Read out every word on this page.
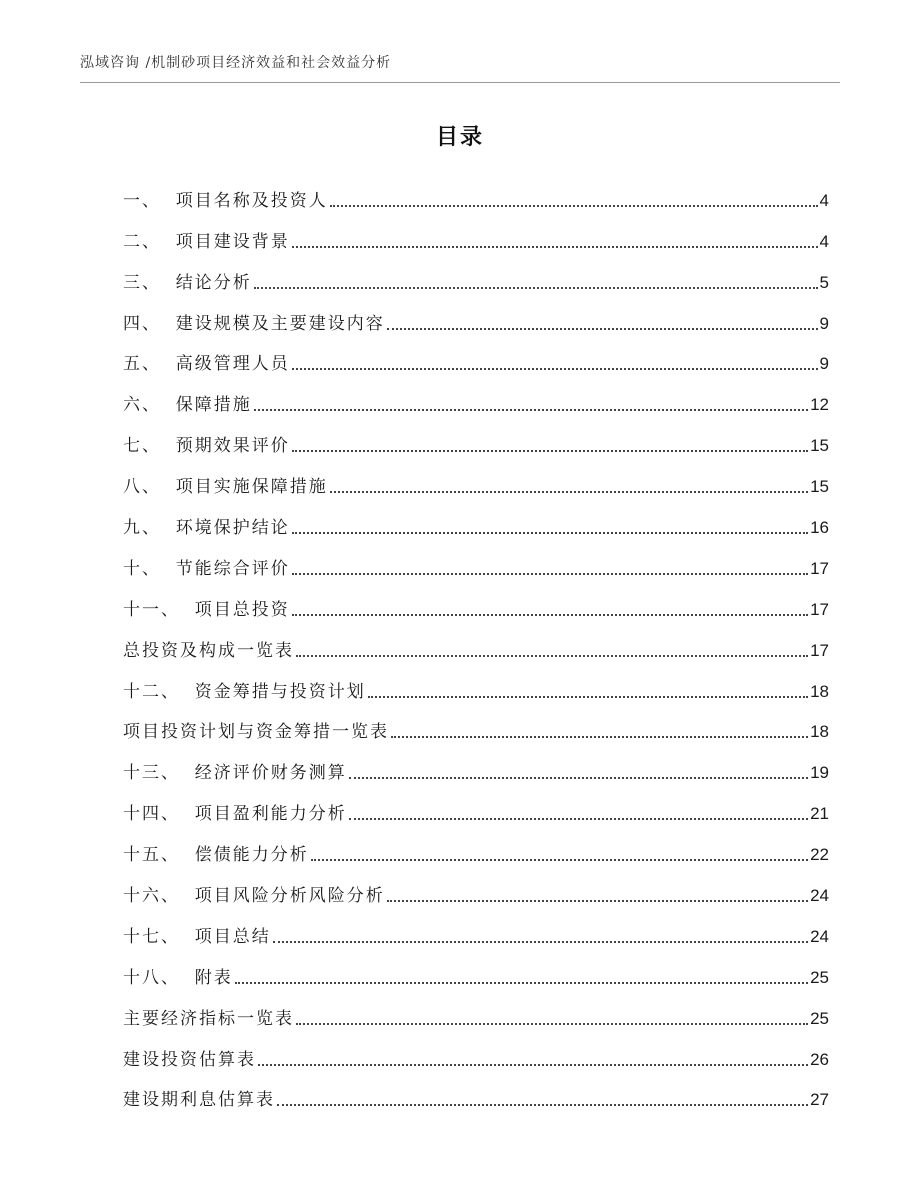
泓域咨询 /机制砂项目经济效益和社会效益分析
目录
一、  项目名称及投资人	4
二、  项目建设背景	4
三、  结论分析	5
四、  建设规模及主要建设内容	9
五、  高级管理人员	9
六、  保障措施	12
七、  预期效果评价	15
八、  项目实施保障措施	15
九、  环境保护结论	16
十、  节能综合评价	17
十一、  项目总投资	17
总投资及构成一览表	17
十二、  资金筹措与投资计划	18
项目投资计划与资金筹措一览表	18
十三、  经济评价财务测算	19
十四、  项目盈利能力分析	21
十五、  偿债能力分析	22
十六、  项目风险分析风险分析	24
十七、  项目总结	24
十八、  附表	25
主要经济指标一览表	25
建设投资估算表	26
建设期利息估算表	27
